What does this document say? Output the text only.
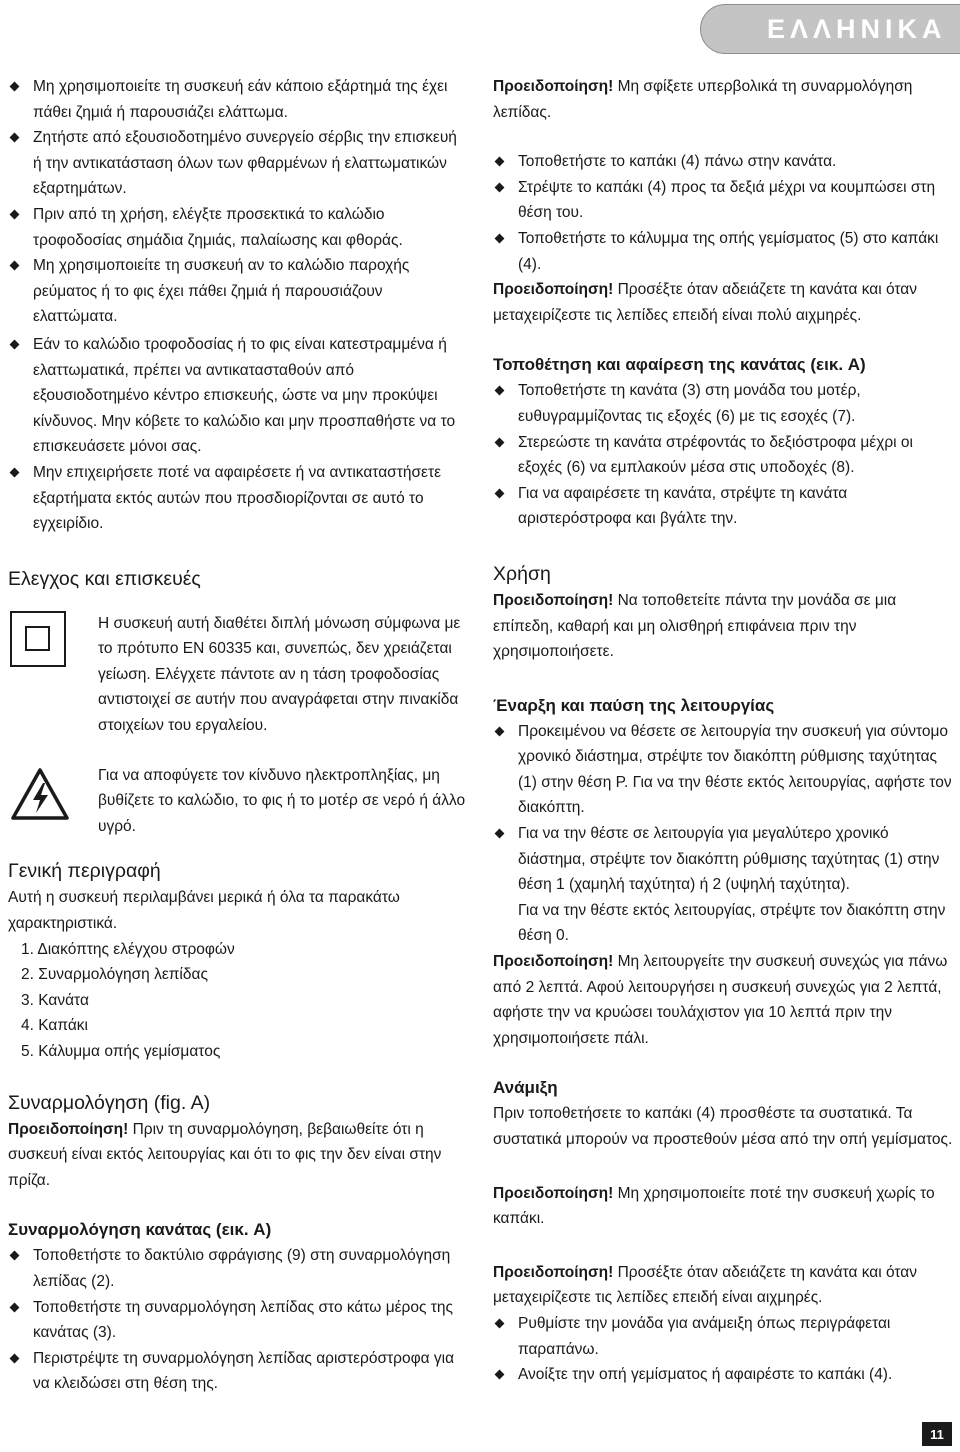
ΕΛΛΗΝΙΚΑ

Μη χρησιμοποιείτε τη συσκευή εάν κάποιο εξάρτημά της έχει πάθει ζημιά ή παρουσιάζει ελάττωμα.

Ζητήστε από εξουσιοδοτημένο συνεργείο σέρβις την επισκευή ή την αντικατάσταση όλων των φθαρμένων ή ελαττωματικών εξαρτημάτων.

Πριν από τη χρήση, ελέγξτε προσεκτικά το καλώδιο τροφοδοσίας σημάδια ζημιάς, παλαίωσης και φθοράς.

Μη χρησιμοποιείτε τη συσκευή αν το καλώδιο παροχής ρεύματος ή το φις έχει πάθει ζημιά ή παρουσιάζουν ελαττώματα.

Εάν το καλώδιο τροφοδοσίας ή το φις είναι κατεστραμμένα ή ελαττωματικά, πρέπει να αντικατασταθούν από εξουσιοδοτημένο κέντρο επισκευής, ώστε να μην προκύψει κίνδυνος. Μην κόβετε το καλώδιο και μην προσπαθήστε να το επισκευάσετε μόνοι σας.

Μην επιχειρήσετε ποτέ να αφαιρέσετε ή να αντικαταστήσετε εξαρτήματα εκτός αυτών που προσδιορίζονται σε αυτό το εγχειρίδιο.

Ελεγχος και επισκευές

Η συσκευή αυτή διαθέτει διπλή μόνωση σύμφωνα με το πρότυπο EN 60335 και, συνεπώς, δεν χρειάζεται γείωση. Ελέγχετε πάντοτε αν η τάση τροφοδοσίας αντιστοιχεί σε αυτήν που αναγράφεται στην πινακίδα στοιχείων του εργαλείου.

Για να αποφύγετε τον κίνδυνο ηλεκτροπληξίας, μη βυθίζετε το καλώδιο, το φις ή το μοτέρ σε νερό ή άλλο υγρό.

Γενική περιγραφή

Αυτή η συσκευή περιλαμβάνει μερικά ή όλα τα παρακάτω χαρακτηριστικά.

1. Διακόπτης ελέγχου στροφών

2. Συναρμολόγηση λεπίδας

3. Κανάτα

4. Καπάκι

5. Κάλυμμα οπής γεμίσματος

Συναρμολόγηση (fig. A)

Προειδοποίηση! Πριν τη συναρμολόγηση, βεβαιωθείτε ότι η συσκευή είναι εκτός λειτουργίας και ότι το φις την δεν είναι στην πρίζα.

Συναρμολόγηση κανάτας (εικ. A)

Τοποθετήστε το δακτύλιο σφράγισης (9) στη συναρμολόγηση λεπίδας (2).

Τοποθετήστε τη συναρμολόγηση λεπίδας στο κάτω μέρος της κανάτας (3).

Περιστρέψτε τη συναρμολόγηση λεπίδας αριστερόστροφα για να κλειδώσει στη θέση της.

Προειδοποίηση! Μη σφίξετε υπερβολικά τη συναρμολόγηση λεπίδας.

Τοποθετήστε το καπάκι (4) πάνω στην κανάτα.

Στρέψτε το καπάκι (4) προς τα δεξιά μέχρι να κουμπώσει στη θέση του.

Τοποθετήστε το κάλυμμα της οπής γεμίσματος (5) στο καπάκι (4).

Προειδοποίηση! Προσέξτε όταν αδειάζετε τη κανάτα και όταν μεταχειρίζεστε τις λεπίδες επειδή είναι πολύ αιχμηρές.

Τοποθέτηση και αφαίρεση της κανάτας (εικ. A)

Τοποθετήστε τη κανάτα (3) στη μονάδα του μοτέρ, ευθυγραμμίζοντας τις εξοχές (6) με τις εσοχές (7).

Στερεώστε τη κανάτα στρέφοντάς το δεξιόστροφα μέχρι οι εξοχές (6) να εμπλακούν μέσα στις υποδοχές (8).

Για να αφαιρέσετε τη κανάτα, στρέψτε τη κανάτα αριστερόστροφα και βγάλτε την.

Χρήση

Προειδοποίηση! Να τοποθετείτε πάντα την μονάδα σε μια επίπεδη, καθαρή και μη ολισθηρή επιφάνεια πριν την χρησιμοποιήσετε.

Έναρξη και παύση της λειτουργίας

Προκειμένου να θέσετε σε λειτουργία την συσκευή για σύντομο χρονικό διάστημα, στρέψτε τον διακόπτη ρύθμισης ταχύτητας (1) στην θέση P. Για να την θέστε εκτός λειτουργίας, αφήστε τον διακόπτη.

Για να την θέστε σε λειτουργία για μεγαλύτερο χρονικό διάστημα, στρέψτε τον διακόπτη ρύθμισης ταχύτητας (1) στην θέση 1 (χαμηλή ταχύτητα) ή 2 (υψηλή ταχύτητα).

Για να την θέστε εκτός λειτουργίας, στρέψτε τον διακόπτη στην θέση 0.

Προειδοποίηση! Μη λειτουργείτε την συσκευή συνεχώς για πάνω από 2 λεπτά. Αφού λειτουργήσει η συσκευή συνεχώς για 2 λεπτά, αφήστε την να κρυώσει τουλάχιστον για 10 λεπτά πριν την χρησιμοποιήσετε πάλι.

Ανάμιξη

Πριν τοποθετήσετε το καπάκι (4) προσθέστε τα συστατικά. Τα συστατικά μπορούν να προστεθούν μέσα από την οπή γεμίσματος.

Προειδοποίηση! Μη χρησιμοποιείτε ποτέ την συσκευή χωρίς το καπάκι.

Προειδοποίηση! Προσέξτε όταν αδειάζετε τη κανάτα και όταν μεταχειρίζεστε τις λεπίδες επειδή είναι αιχμηρές.

Ρυθμίστε την μονάδα για ανάμειξη όπως περιγράφεται παραπάνω.

Ανοίξτε την οπή γεμίσματος ή αφαιρέστε το καπάκι (4).

11
